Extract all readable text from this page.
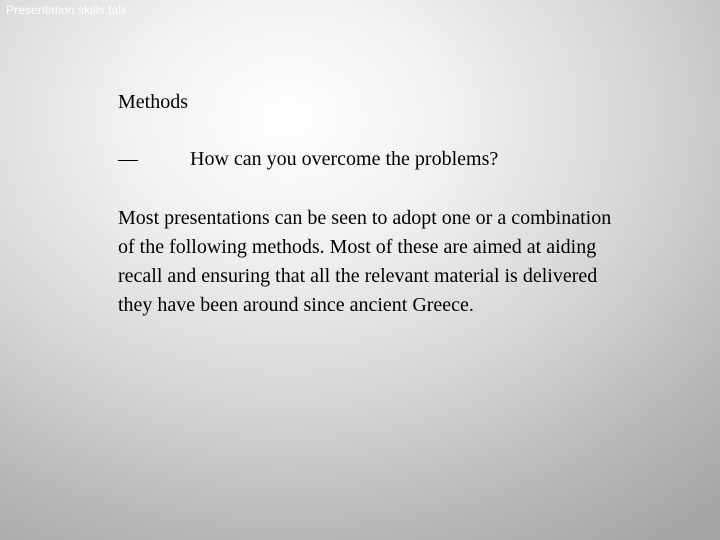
Presentation skills talk
Methods
—	How can you overcome the problems?

Most presentations can be seen to adopt one or a combination of the following methods. Most of these are aimed at aiding recall and ensuring that all the relevant material is delivered they have been around since ancient Greece.
